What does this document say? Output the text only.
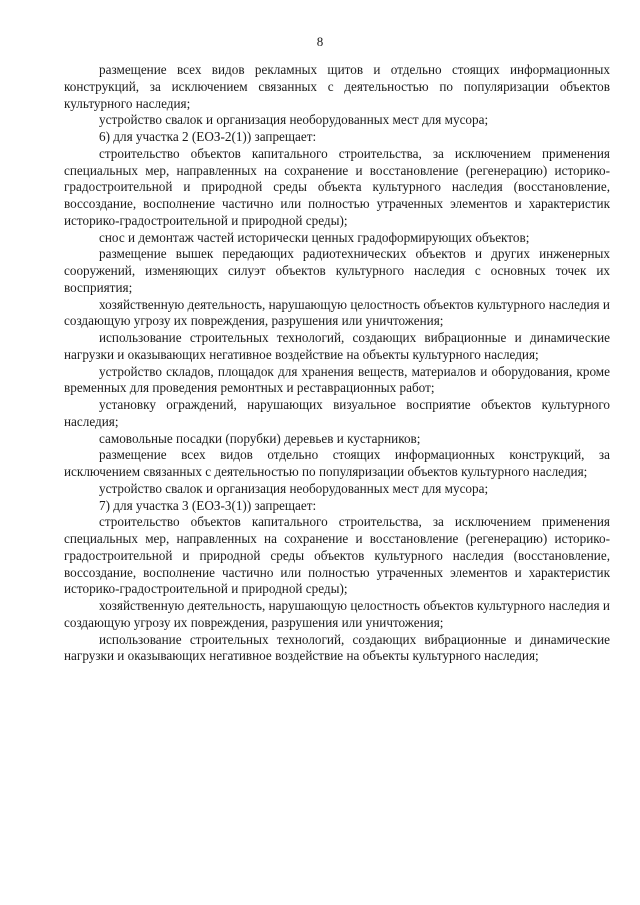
8

размещение всех видов рекламных щитов и отдельно стоящих информационных конструкций, за исключением связанных с деятельностью по популяризации объектов культурного наследия;

устройство свалок и организация необорудованных мест для мусора;

6) для участка 2 (ЕОЗ-2(1)) запрещает:

строительство объектов капитального строительства, за исключением применения специальных мер, направленных на сохранение и восстановление (регенерацию) историко-градостроительной и природной среды объекта культурного наследия (восстановление, воссоздание, восполнение частично или полностью утраченных элементов и характеристик историко-градостроительной и природной среды);

снос и демонтаж частей исторически ценных градоформирующих объектов;

размещение вышек передающих радиотехнических объектов и других инженерных сооружений, изменяющих силуэт объектов культурного наследия с основных точек их восприятия;

хозяйственную деятельность, нарушающую целостность объектов культурного наследия и создающую угрозу их повреждения, разрушения или уничтожения;

использование строительных технологий, создающих вибрационные и динамические нагрузки и оказывающих негативное воздействие на объекты культурного наследия;

устройство складов, площадок для хранения веществ, материалов и оборудования, кроме временных для проведения ремонтных и реставрационных работ;

установку ограждений, нарушающих визуальное восприятие объектов культурного наследия;

самовольные посадки (порубки) деревьев и кустарников;

размещение всех видов отдельно стоящих информационных конструкций, за исключением связанных с деятельностью по популяризации объектов культурного наследия;

устройство свалок и организация необорудованных мест для мусора;

7) для участка 3 (ЕОЗ-3(1)) запрещает:

строительство объектов капитального строительства, за исключением применения специальных мер, направленных на сохранение и восстановление (регенерацию) историко-градостроительной и природной среды объектов культурного наследия (восстановление, воссоздание, восполнение частично или полностью утраченных элементов и характеристик историко-градостроительной и природной среды);

хозяйственную деятельность, нарушающую целостность объектов культурного наследия и создающую угрозу их повреждения, разрушения или уничтожения;

использование строительных технологий, создающих вибрационные и динамические нагрузки и оказывающих негативное воздействие на объекты культурного наследия;
